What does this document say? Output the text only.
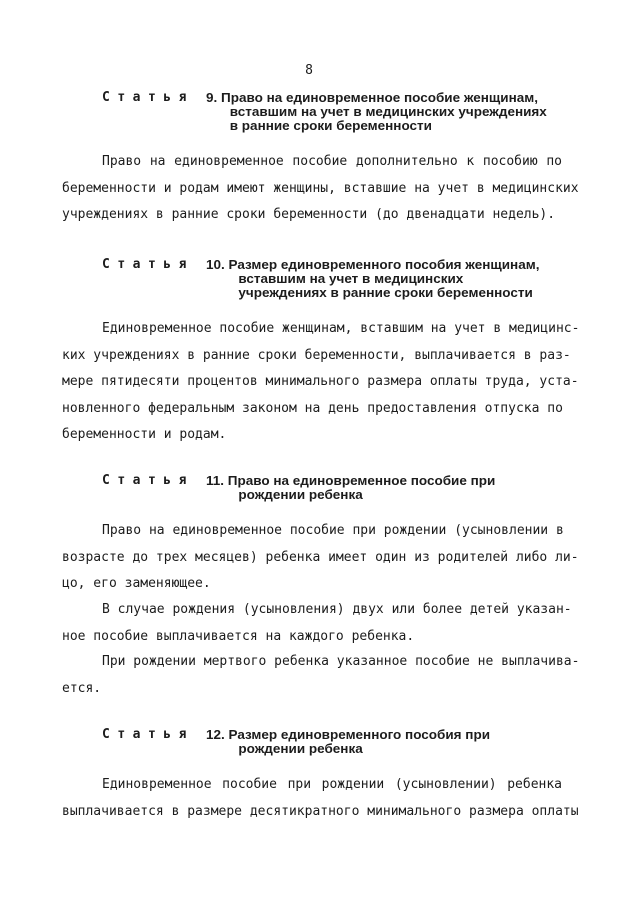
8
Статья 9. Право на единовременное пособие женщинам,
вставшим на учет в медицинских учреждениях
в ранние сроки беременности
Право на единовременное пособие дополнительно к пособию по
беременности и родам имеют женщины, вставшие на учет в медицинских
учреждениях в ранние сроки беременности (до двенадцати недель).
Статья 10. Размер единовременного пособия женщинам,
вставшим на учет в медицинских
учреждениях в ранние сроки беременности
Единовременное пособие женщинам, вставшим на учет в медицинс-
ких учреждениях в ранние сроки беременности, выплачивается в раз-
мере пятидесяти процентов минимального размера оплаты труда, уста-
новленного федеральным законом на день предоставления отпуска по
беременности и родам.
Статья 11. Право на единовременное пособие при
рождении ребенка
Право на единовременное пособие при рождении (усыновлении в
возрасте до трех месяцев) ребенка имеет один из родителей либо ли-
цо, его заменяющее.
В случае рождения (усыновления) двух или более детей указан-
ное пособие выплачивается на каждого ребенка.
При рождении мертвого ребенка указанное пособие не выплачива-
ется.
Статья 12. Размер единовременного пособия при
рождении ребенка
Единовременное пособие при рождении (усыновлении) ребенка
выплачивается в размере десятикратного минимального размера оплаты
